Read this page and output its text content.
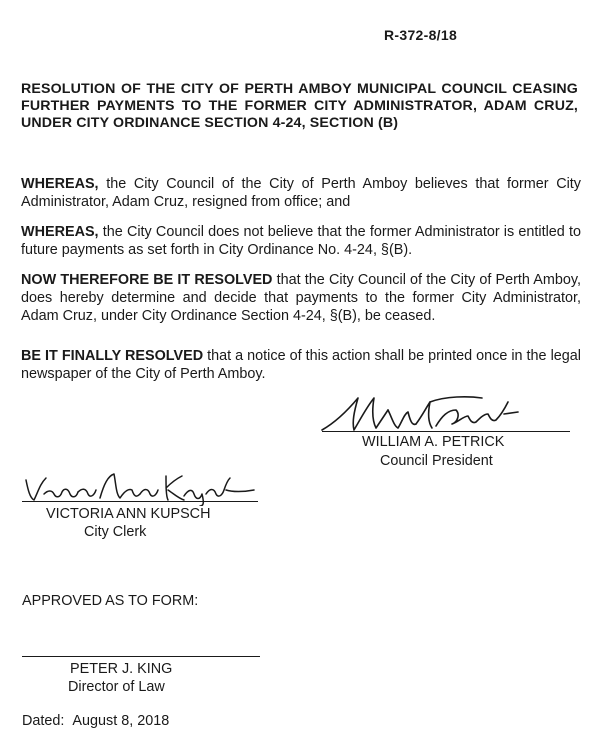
R-372-8/18
RESOLUTION OF THE CITY OF PERTH AMBOY MUNICIPAL COUNCIL CEASING FURTHER PAYMENTS TO THE FORMER CITY ADMINISTRATOR, ADAM CRUZ, UNDER CITY ORDINANCE SECTION 4-24, SECTION (B)
WHEREAS, the City Council of the City of Perth Amboy believes that former City Administrator, Adam Cruz, resigned from office; and
WHEREAS, the City Council does not believe that the former Administrator is entitled to future payments as set forth in City Ordinance No. 4-24, §(B).
NOW THEREFORE BE IT RESOLVED that the City Council of the City of Perth Amboy, does hereby determine and decide that payments to the former City Administrator, Adam Cruz, under City Ordinance Section 4-24, §(B), be ceased.
BE IT FINALLY RESOLVED that a notice of this action shall be printed once in the legal newspaper of the City of Perth Amboy.
WILLIAM A. PETRICK
Council President
VICTORIA ANN KUPSCH
City Clerk
APPROVED AS TO FORM:
PETER J. KING
Director of Law
Dated: August 8, 2018
